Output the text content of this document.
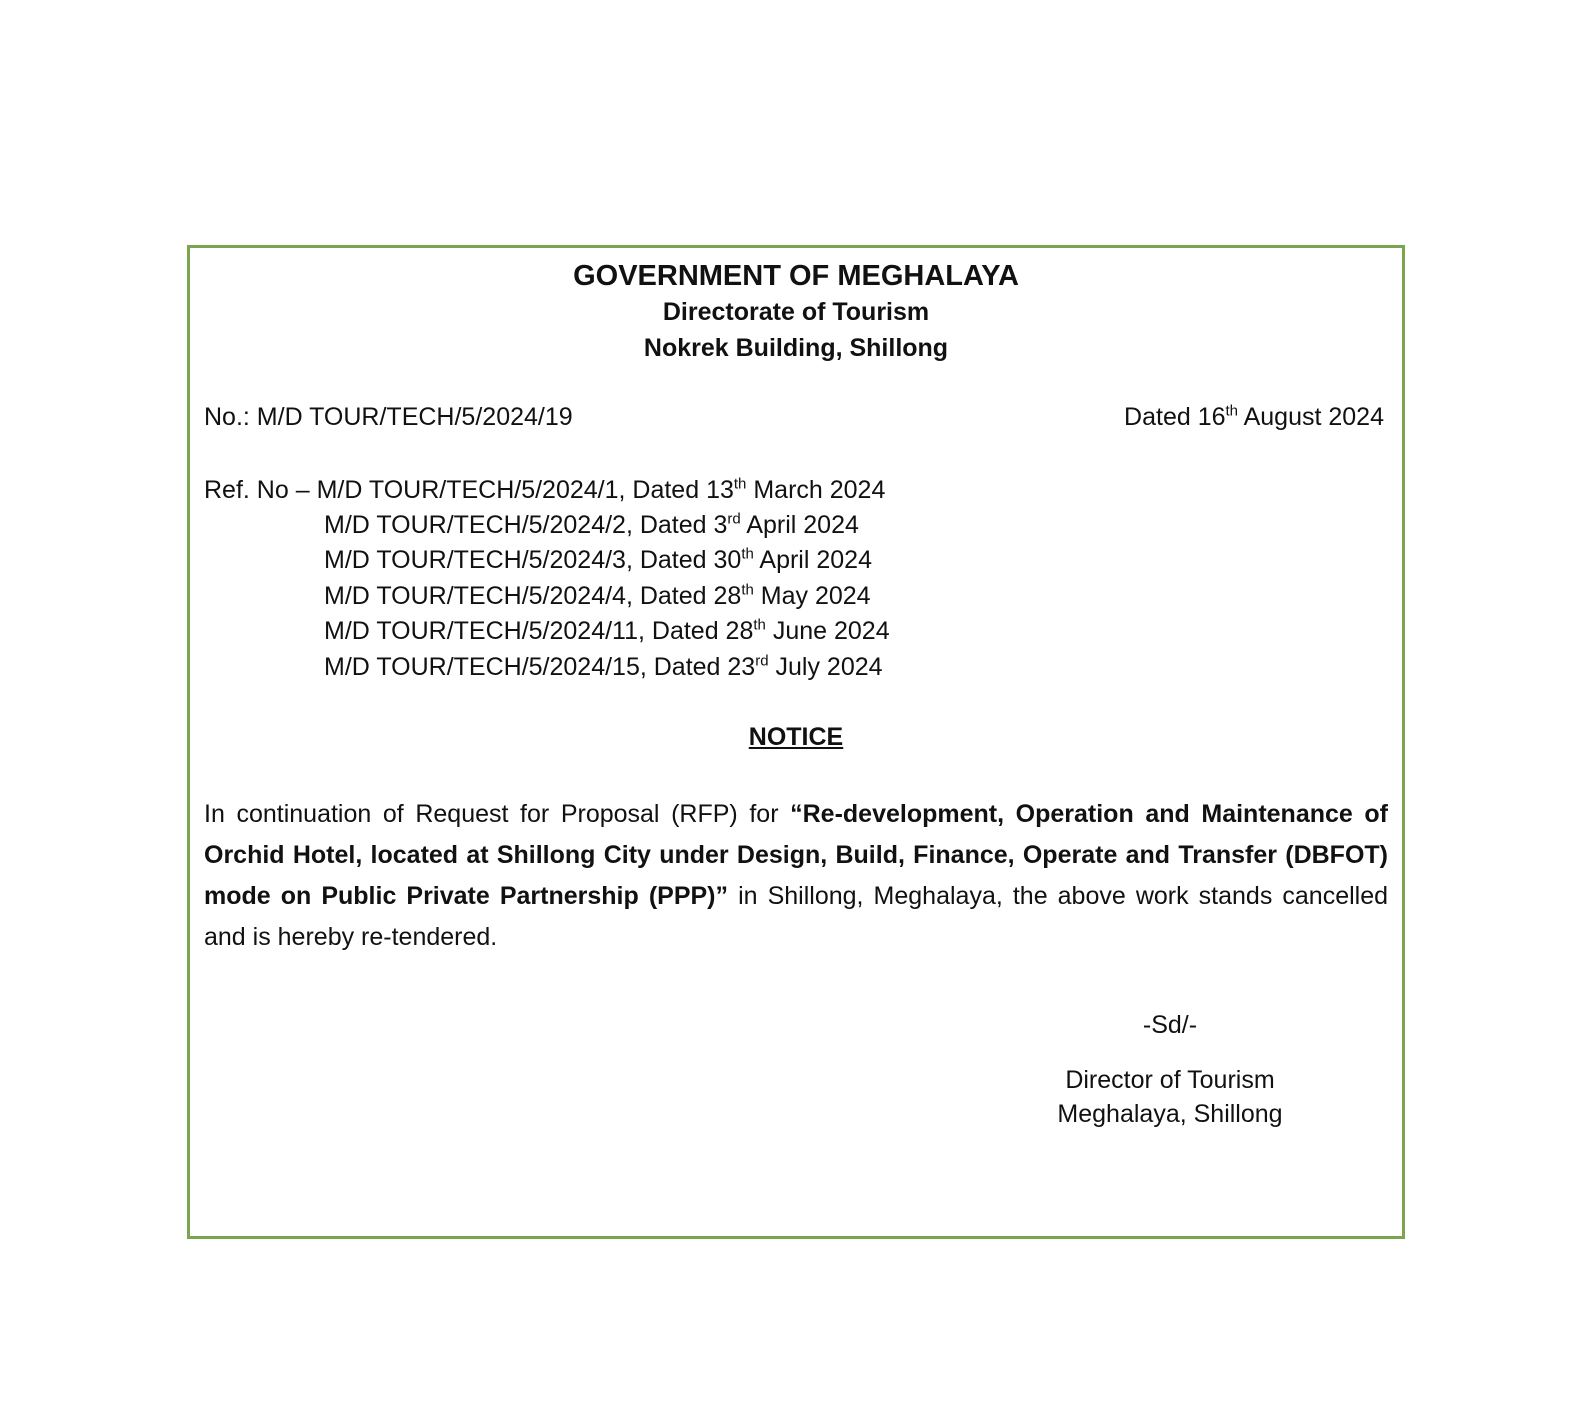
GOVERNMENT OF MEGHALAYA
Directorate of Tourism
Nokrek Building, Shillong
No.: M/D TOUR/TECH/5/2024/19	Dated 16th August 2024
Ref. No – M/D TOUR/TECH/5/2024/1, Dated 13th March 2024
M/D TOUR/TECH/5/2024/2, Dated 3rd April 2024
M/D TOUR/TECH/5/2024/3, Dated 30th April 2024
M/D TOUR/TECH/5/2024/4, Dated 28th May 2024
M/D TOUR/TECH/5/2024/11, Dated 28th June 2024
M/D TOUR/TECH/5/2024/15, Dated 23rd July 2024
NOTICE
In continuation of Request for Proposal (RFP) for “Re-development, Operation and Maintenance of Orchid Hotel, located at Shillong City under Design, Build, Finance, Operate and Transfer (DBFOT) mode on Public Private Partnership (PPP)” in Shillong, Meghalaya, the above work stands cancelled and is hereby re-tendered.
-Sd/-
Director of Tourism
Meghalaya, Shillong
